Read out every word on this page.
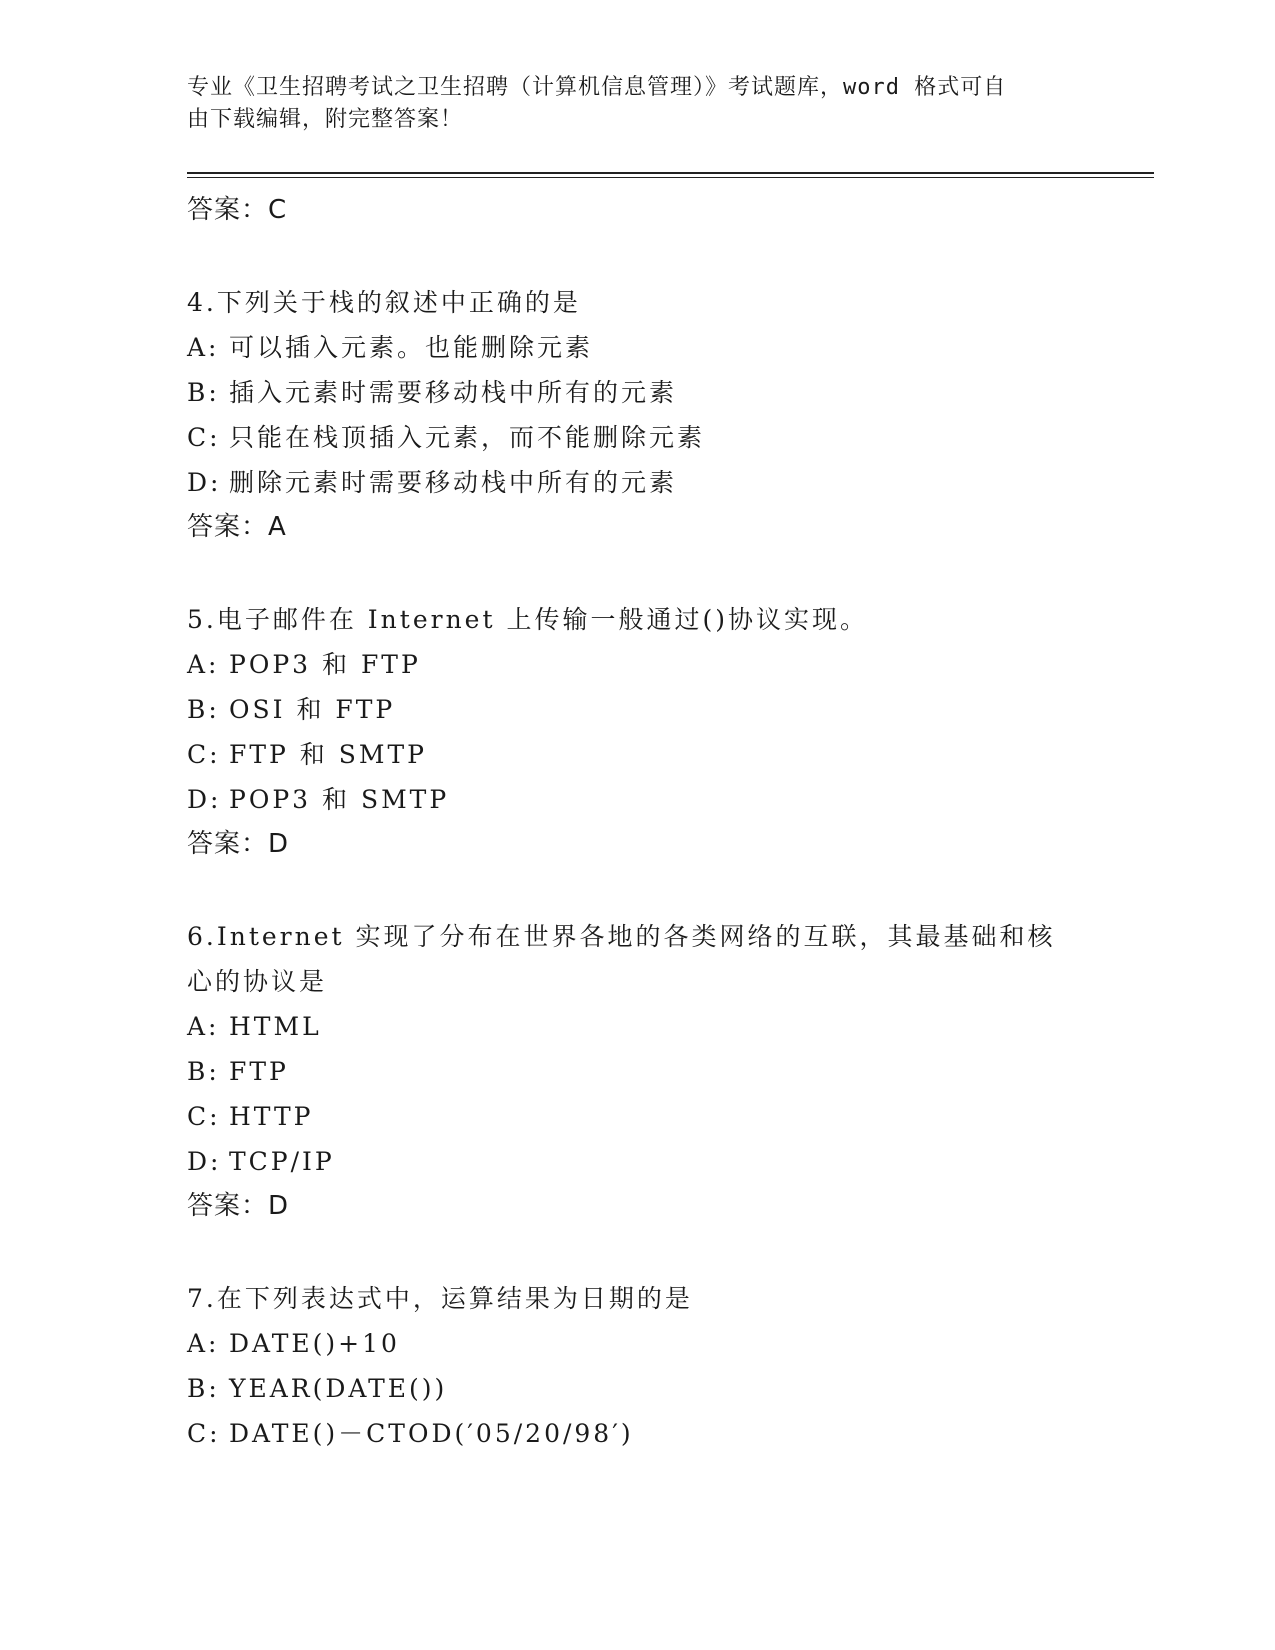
专业《卫生招聘考试之卫生招聘（计算机信息管理）》考试题库，word 格式可自
由下载编辑，附完整答案！
答案：C
4.下列关于栈的叙述中正确的是
A: 可以插入元素。也能删除元素
B: 插入元素时需要移动栈中所有的元素
C: 只能在栈顶插入元素，而不能删除元素
D: 删除元素时需要移动栈中所有的元素
答案：A
5.电子邮件在 Internet 上传输一般通过()协议实现。
A: POP3 和 FTP
B: OSI 和 FTP
C: FTP 和 SMTP
D: POP3 和 SMTP
答案：D
6.Internet 实现了分布在世界各地的各类网络的互联，其最基础和核心的协议是
A: HTML
B: FTP
C: HTTP
D: TCP/IP
答案：D
7.在下列表达式中，运算结果为日期的是
A: DATE()+10
B: YEAR(DATE())
C: DATE()－CTOD(′05/20/98′)
